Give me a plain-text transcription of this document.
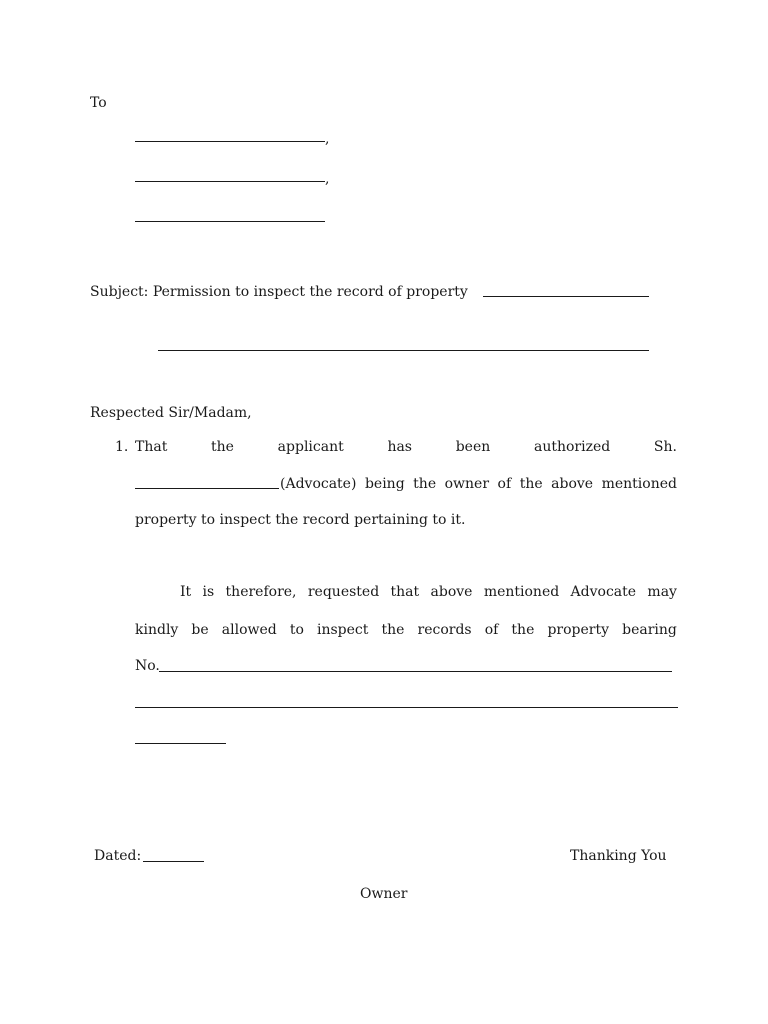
To
,
,
Subject: Permission to inspect the record of property
Respected Sir/Madam,
1. That	the	applicant	has	been	authorized	Sh.
(Advocate) being the owner of the above mentioned
property to inspect the record pertaining to it.
It is therefore, requested that above mentioned Advocate may
kindly be allowed to inspect the records of the property bearing
No.
Dated:	Thanking You
Owner
